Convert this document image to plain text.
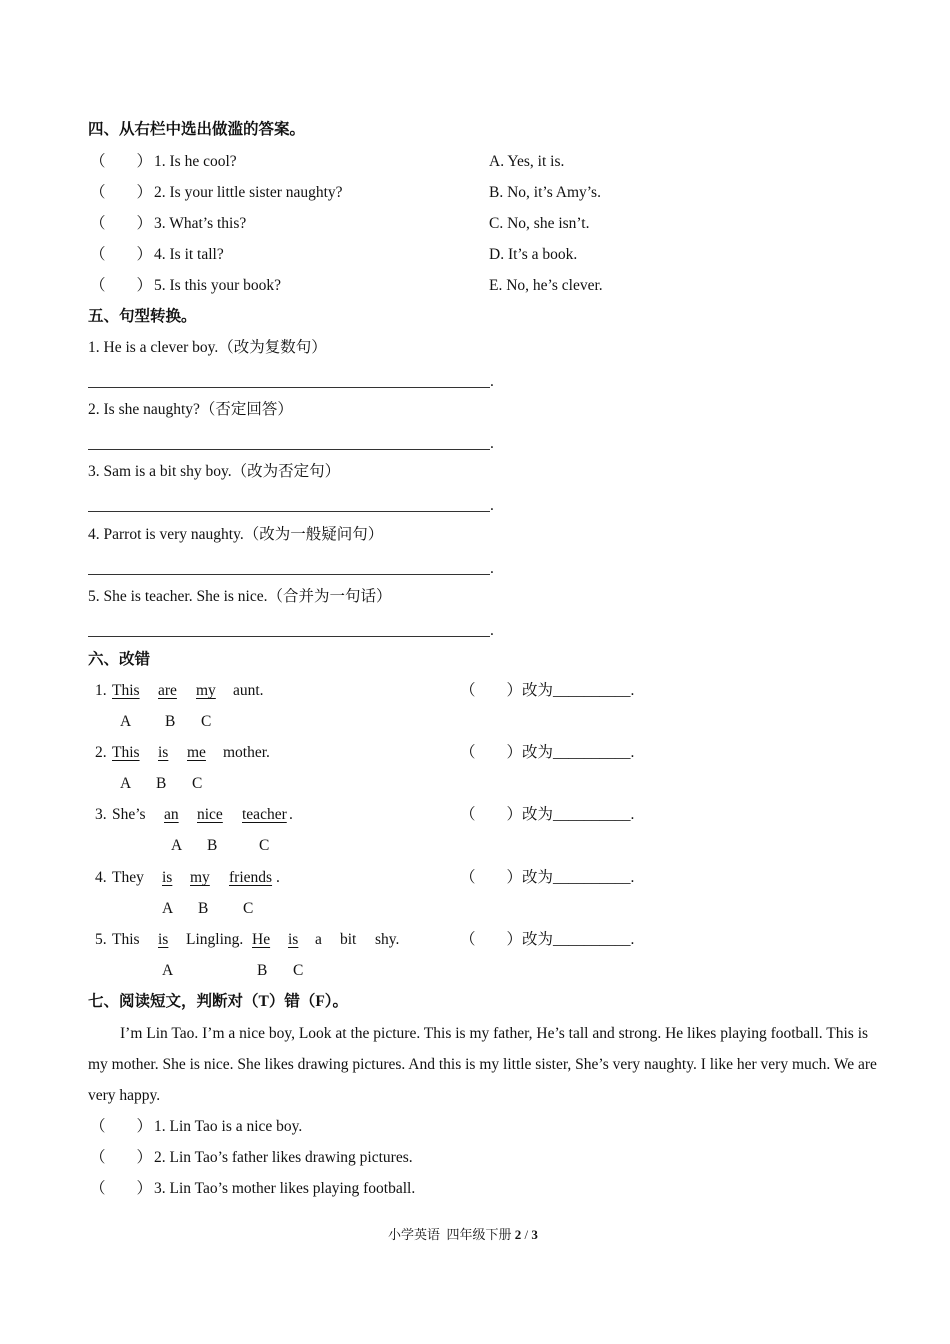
四、从右栏中选出做滥的答案。
（　　） 1. Is he cool?	A. Yes, it is.
（　　） 2. Is your little sister naughty?	B. No, it’s Amy’s.
（　　） 3. What’s this?	C. No, she isn’t.
（　　） 4. Is it tall?	D. It’s a book.
（　　） 5. Is this your book?	E. No, he’s clever.
五、句型转换。
1. He is a clever boy.（改为复数句）
.
2. Is she naughty?（否定回答）
.
3. Sam is a bit shy boy.（改为否定句）
.
4. Parrot is very naughty.（改为一般疑问句）
.
5. She is teacher. She is nice.（合并为一句话）
.
六、改错
1. This are my aunt.
A B C
（　　） 改为__________.
2. This is me mother.
A B C
（　　） 改为__________.
3. She’s an nice teacher .
A B	C
（　　） 改为__________.
4. They is my friends .
A B C
（　　） 改为__________.
5. This is Lingling. He is a bit shy.
A	B C
（　　） 改为__________.
七、阅读短文，判断对（T）错（F）。
I’m Lin Tao. I’m a nice boy, Look at the picture. This is my father, He’s tall and strong. He likes playing football. This is my mother. She is nice. She likes drawing pictures. And this is my little sister, She’s very naughty. I like her very much. We are very happy.
（　　） 1. Lin Tao is a nice boy.
（　　） 2. Lin Tao’s father likes drawing pictures.
（　　） 3. Lin Tao’s mother likes playing football.
小学英语 四年级下册 2 / 3
